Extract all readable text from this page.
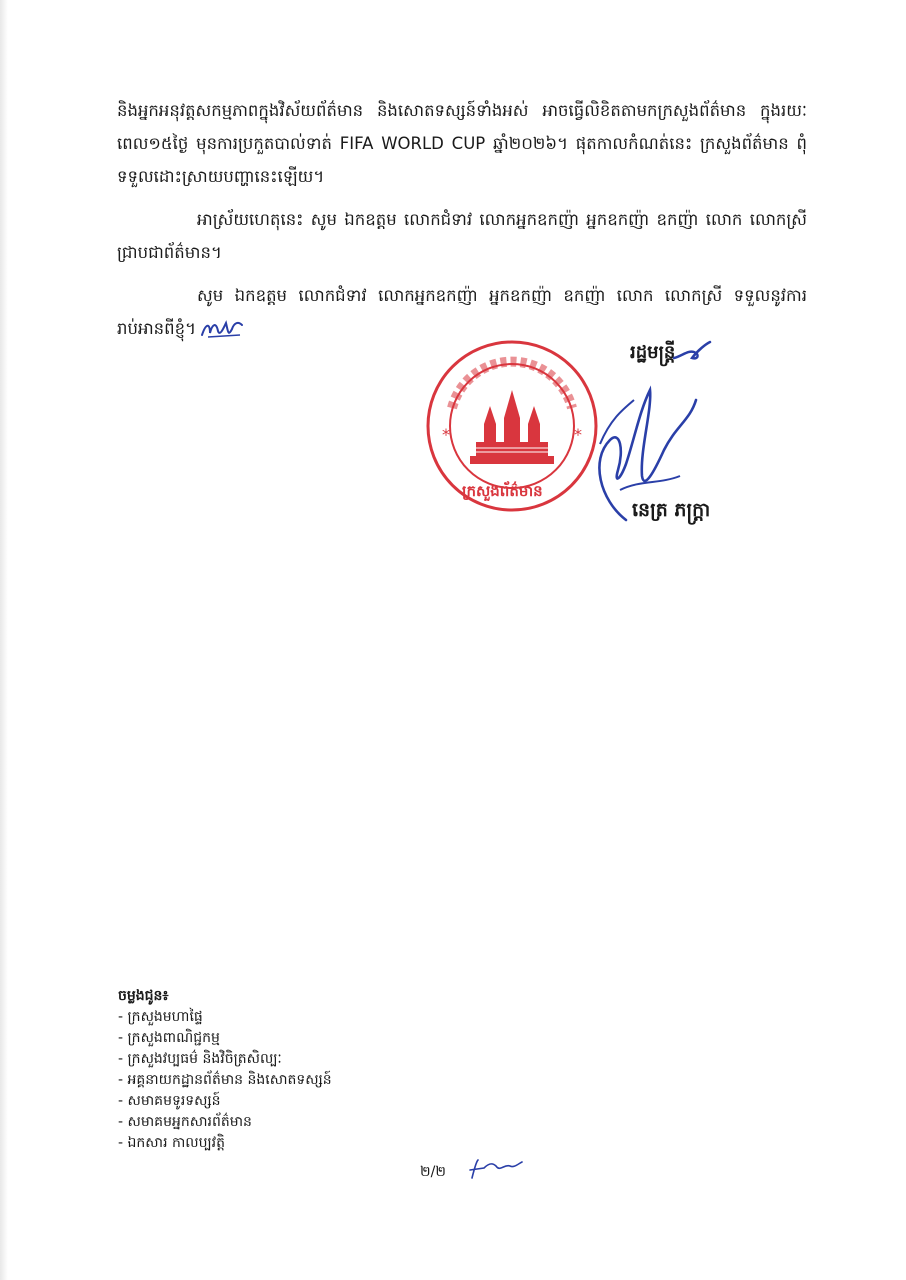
និងអ្នកអនុវត្តសកម្មភាពក្នុងវិស័យព័ត៌មាន និងសោតទស្សន៍ទាំងអស់ អាចធ្វើលិខិតតាមកក្រសួងព័ត៌មាន ក្នុងរយៈពេល១៥ថ្ងៃ មុនការប្រកួតបាល់ទាត់ FIFA WORLD CUP ឆ្នាំ២០២៦។ ផុតកាលកំណត់នេះ ក្រសួងព័ត៌មាន ពុំទទួលដោះស្រាយបញ្ហានេះឡើយ។

អាស្រ័យហេតុនេះ សូម ឯកឧត្តម លោកជំទាវ លោកអ្នកឧកញ៉ា អ្នកឧកញ៉ា ឧកញ៉ា លោក លោកស្រី ជ្រាបជាព័ត៌មាន។

សូម ឯកឧត្តម លោកជំទាវ លោកអ្នកឧកញ៉ា អ្នកឧកញ៉ា ឧកញ៉ា លោក លោកស្រី ទទួលនូវការរាប់អានពីខ្ញុំ។

រដ្ឋមន្ត្រី
*	*
ក្រសួងព័ត៌មាន
នេត្រ ភក្ត្រា
ចម្លងជូន៖
- ក្រសួងមហាផ្ទៃ
- ក្រសួងពាណិជ្ជកម្ម
- ក្រសួងវប្បធម៌ និងវិចិត្រសិល្បៈ
- អគ្គនាយកដ្ឋានព័ត៌មាន និងសោតទស្សន៍
- សមាគមទូរទស្សន៍
- សមាគមអ្នកសារព័ត៌មាន
- ឯកសារ កាលប្បវត្តិ
២/២
